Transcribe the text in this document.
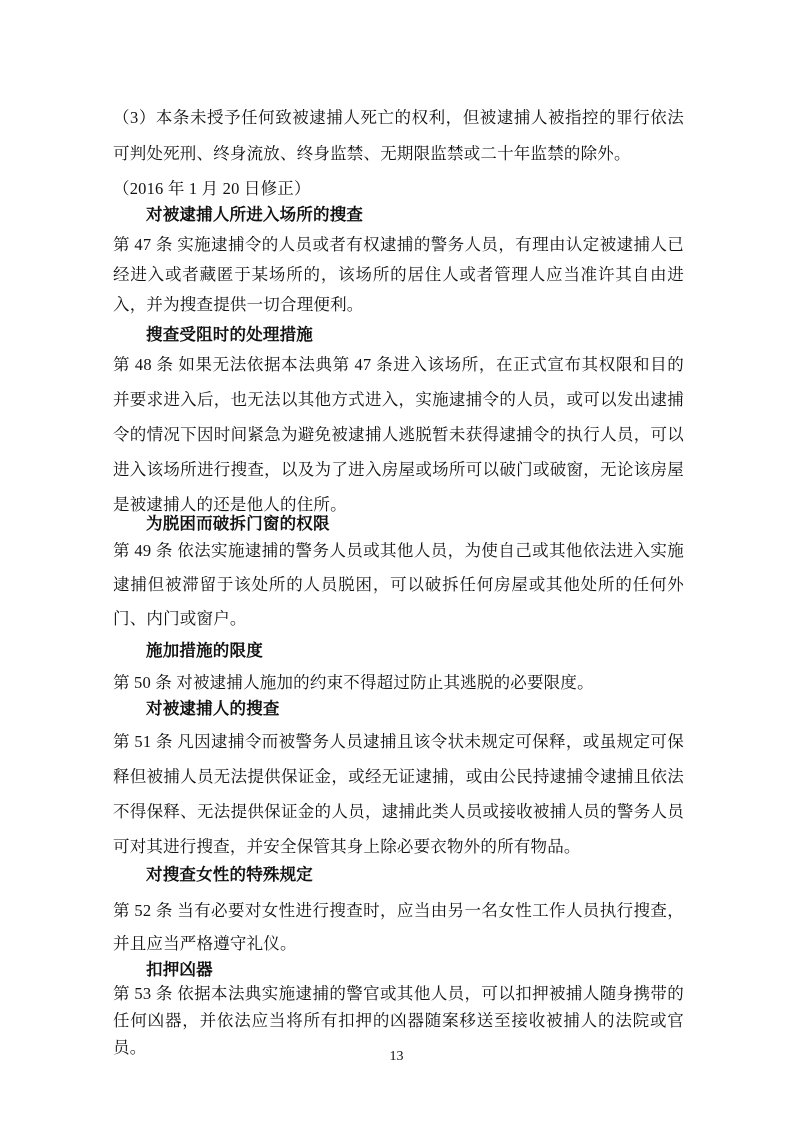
（3）本条未授予任何致被逮捕人死亡的权利，但被逮捕人被指控的罪行依法可判处死刑、终身流放、终身监禁、无期限监禁或二十年监禁的除外。
（2016 年 1 月 20 日修正）
对被逮捕人所进入场所的搜查
第 47 条 实施逮捕令的人员或者有权逮捕的警务人员，有理由认定被逮捕人已经进入或者藏匿于某场所的，该场所的居住人或者管理人应当准许其自由进入，并为搜查提供一切合理便利。
搜查受阻时的处理措施
第 48 条 如果无法依据本法典第 47 条进入该场所，在正式宣布其权限和目的并要求进入后，也无法以其他方式进入，实施逮捕令的人员，或可以发出逮捕令的情况下因时间紧急为避免被逮捕人逃脱暂未获得逮捕令的执行人员，可以进入该场所进行搜查，以及为了进入房屋或场所可以破门或破窗，无论该房屋是被逮捕人的还是他人的住所。
为脱困而破拆门窗的权限
第 49 条 依法实施逮捕的警务人员或其他人员，为使自己或其他依法进入实施逮捕但被滞留于该处所的人员脱困，可以破拆任何房屋或其他处所的任何外门、内门或窗户。
施加措施的限度
第 50 条 对被逮捕人施加的约束不得超过防止其逃脱的必要限度。
对被逮捕人的搜查
第 51 条 凡因逮捕令而被警务人员逮捕且该令状未规定可保释，或虽规定可保释但被捕人员无法提供保证金，或经无证逮捕，或由公民持逮捕令逮捕且依法不得保释、无法提供保证金的人员，逮捕此类人员或接收被捕人员的警务人员可对其进行搜查，并安全保管其身上除必要衣物外的所有物品。
对搜查女性的特殊规定
第 52 条 当有必要对女性进行搜查时，应当由另一名女性工作人员执行搜查，并且应当严格遵守礼仪。
扣押凶器
第 53 条 依据本法典实施逮捕的警官或其他人员，可以扣押被捕人随身携带的任何凶器，并依法应当将所有扣押的凶器随案移送至接收被捕人的法院或官员。	13
